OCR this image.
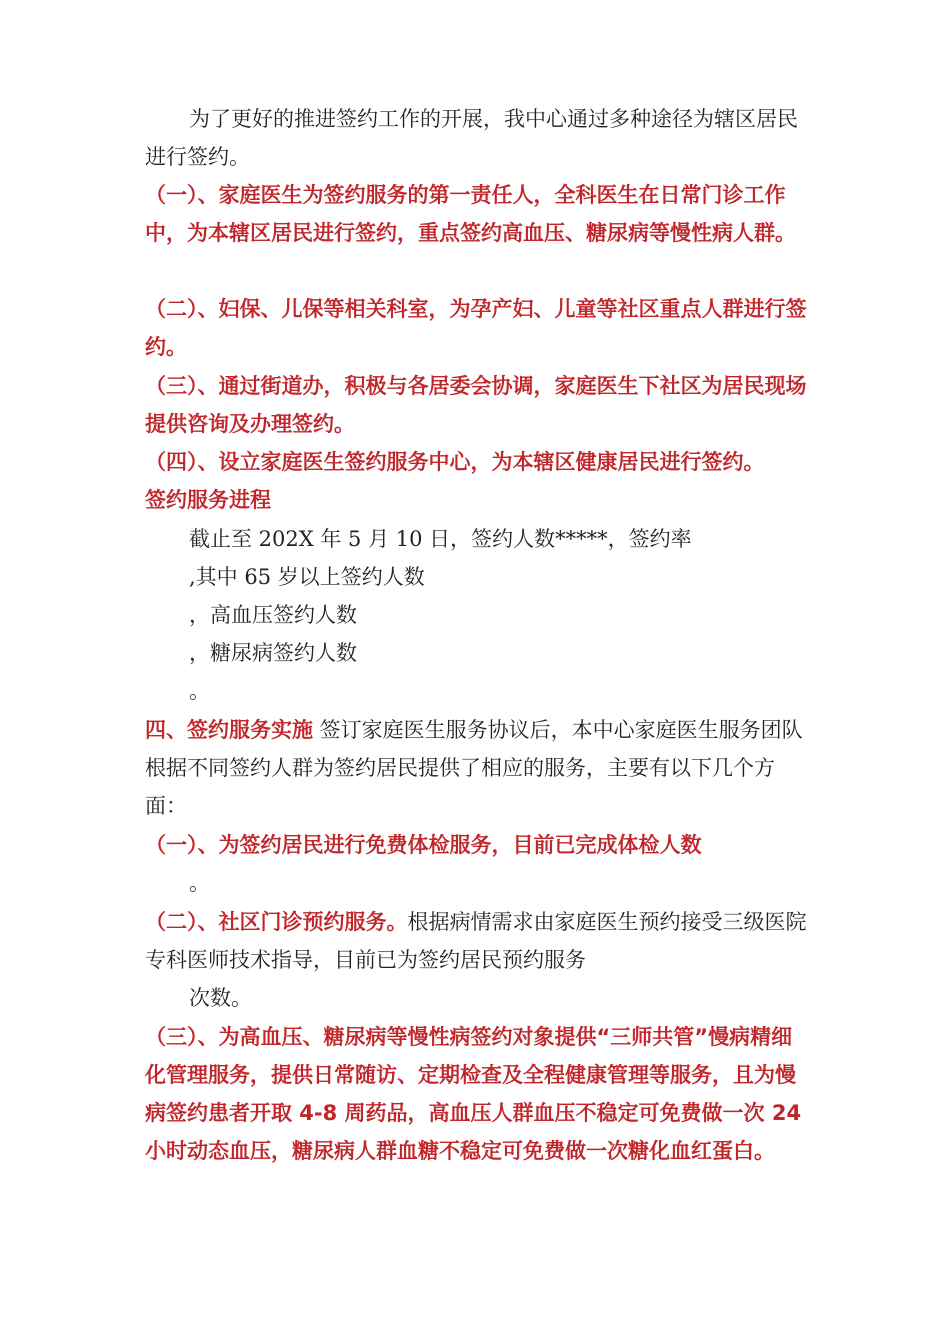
为了更好的推进签约工作的开展，我中心通过多种途径为辖区居民进行签约。

（一）、家庭医生为签约服务的第一责任人，全科医生在日常门诊工作中，为本辖区居民进行签约，重点签约高血压、糖尿病等慢性病人群。

（二）、妇保、儿保等相关科室，为孕产妇、儿童等社区重点人群进行签约。

（三）、通过街道办，积极与各居委会协调，家庭医生下社区为居民现场提供咨询及办理签约。

（四）、设立家庭医生签约服务中心，为本辖区健康居民进行签约。

签约服务进程

截止至 202X 年 5 月 10 日，签约人数*****，签约率

,其中 65 岁以上签约人数

，高血压签约人数

，糖尿病签约人数

。

四、签约服务实施 签订家庭医生服务协议后，本中心家庭医生服务团队根据不同签约人群为签约居民提供了相应的服务，主要有以下几个方面：

（一）、为签约居民进行免费体检服务，目前已完成体检人数

。

（二）、社区门诊预约服务。根据病情需求由家庭医生预约接受三级医院专科医师技术指导，目前已为签约居民预约服务

次数。

（三）、为高血压、糖尿病等慢性病签约对象提供“三师共管”慢病精细化管理服务，提供日常随访、定期检查及全程健康管理等服务，且为慢病签约患者开取 4-8 周药品，高血压人群血压不稳定可免费做一次 24 小时动态血压，糖尿病人群血糖不稳定可免费做一次糖化血红蛋白。
